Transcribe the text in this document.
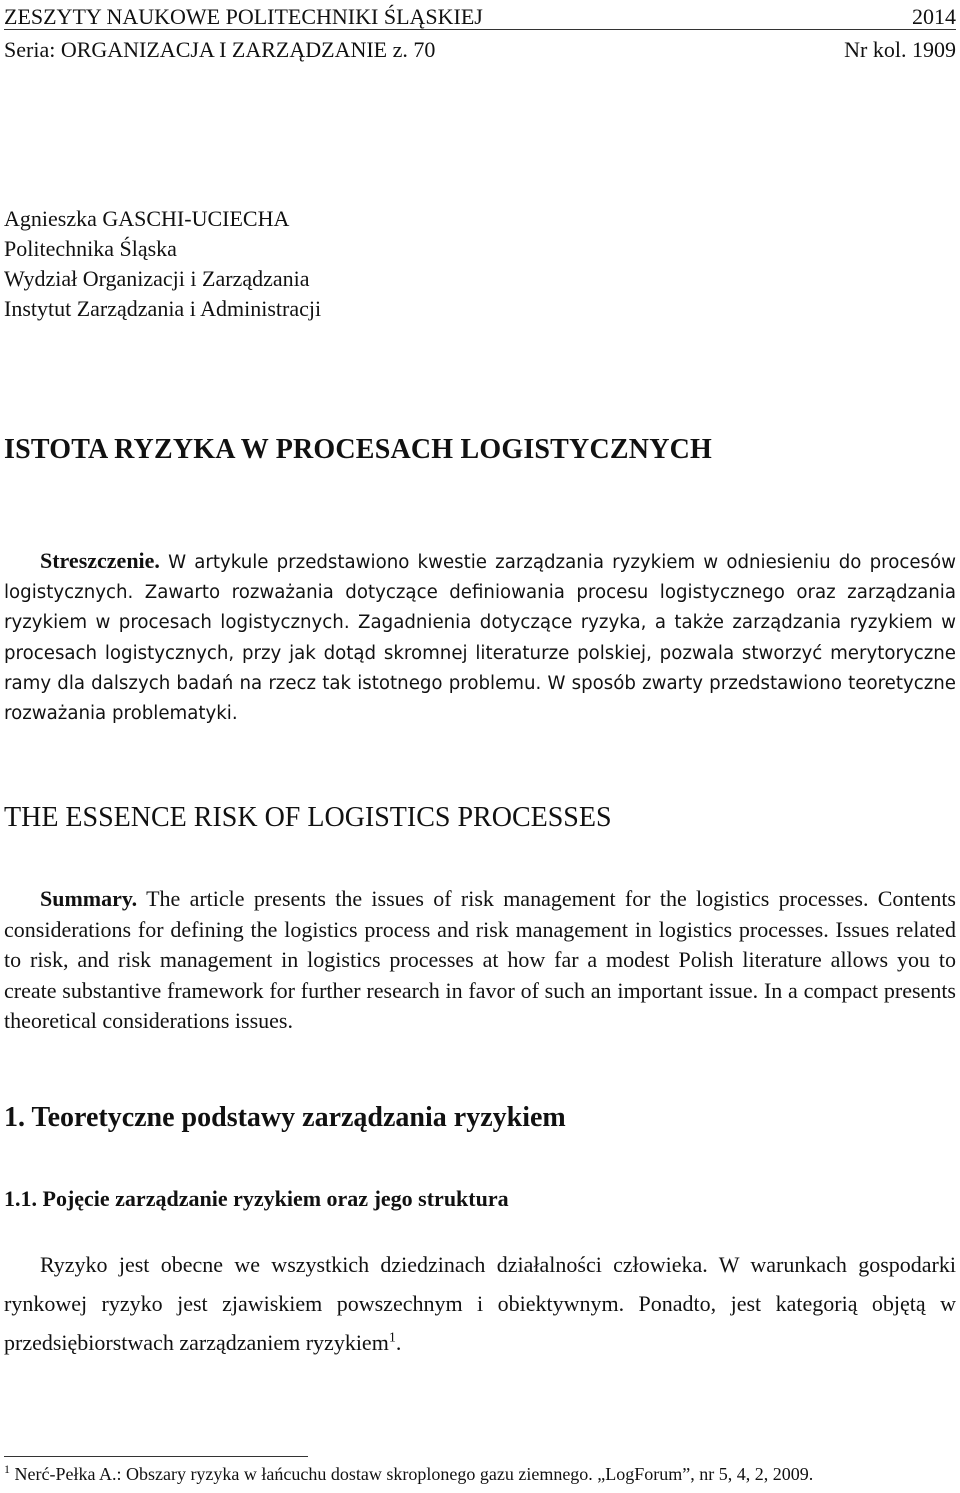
ZESZYTY NAUKOWE POLITECHNIKI ŚLĄSKIEJ	2014
Seria: ORGANIZACJA I ZARZĄDZANIE z. 70	Nr kol. 1909
Agnieszka GASCHI-UCIECHA
Politechnika Śląska
Wydział Organizacji i Zarządzania
Instytut Zarządzania i Administracji
ISTOTA RYZYKA W PROCESACH LOGISTYCZNYCH
Streszczenie. W artykule przedstawiono kwestie zarządzania ryzykiem w odniesieniu do procesów logistycznych. Zawarto rozważania dotyczące definiowania procesu logistycznego oraz zarządzania ryzykiem w procesach logistycznych. Zagadnienia dotyczące ryzyka, a także zarządzania ryzykiem w procesach logistycznych, przy jak dotąd skromnej literaturze polskiej, pozwala stworzyć merytoryczne ramy dla dalszych badań na rzecz tak istotnego problemu. W sposób zwarty przedstawiono teoretyczne rozważania problematyki.
THE ESSENCE RISK OF LOGISTICS PROCESSES
Summary. The article presents the issues of risk management for the logistics processes. Contents considerations for defining the logistics process and risk management in logistics processes. Issues related to risk, and risk management in logistics processes at how far a modest Polish literature allows you to create substantive framework for further research in favor of such an important issue. In a compact presents theoretical considerations issues.
1. Teoretyczne podstawy zarządzania ryzykiem
1.1. Pojęcie zarządzanie ryzykiem oraz jego struktura
Ryzyko jest obecne we wszystkich dziedzinach działalności człowieka. W warunkach gospodarki rynkowej ryzyko jest zjawiskiem powszechnym i obiektywnym. Ponadto, jest kategorią objętą w przedsiębiorstwach zarządzaniem ryzykiem$^1$.
$^1$ Nerć-Pełka A.: Obszary ryzyka w łańcuchu dostaw skroplonego gazu ziemnego. „LogForum”, nr 5, 4, 2, 2009.
